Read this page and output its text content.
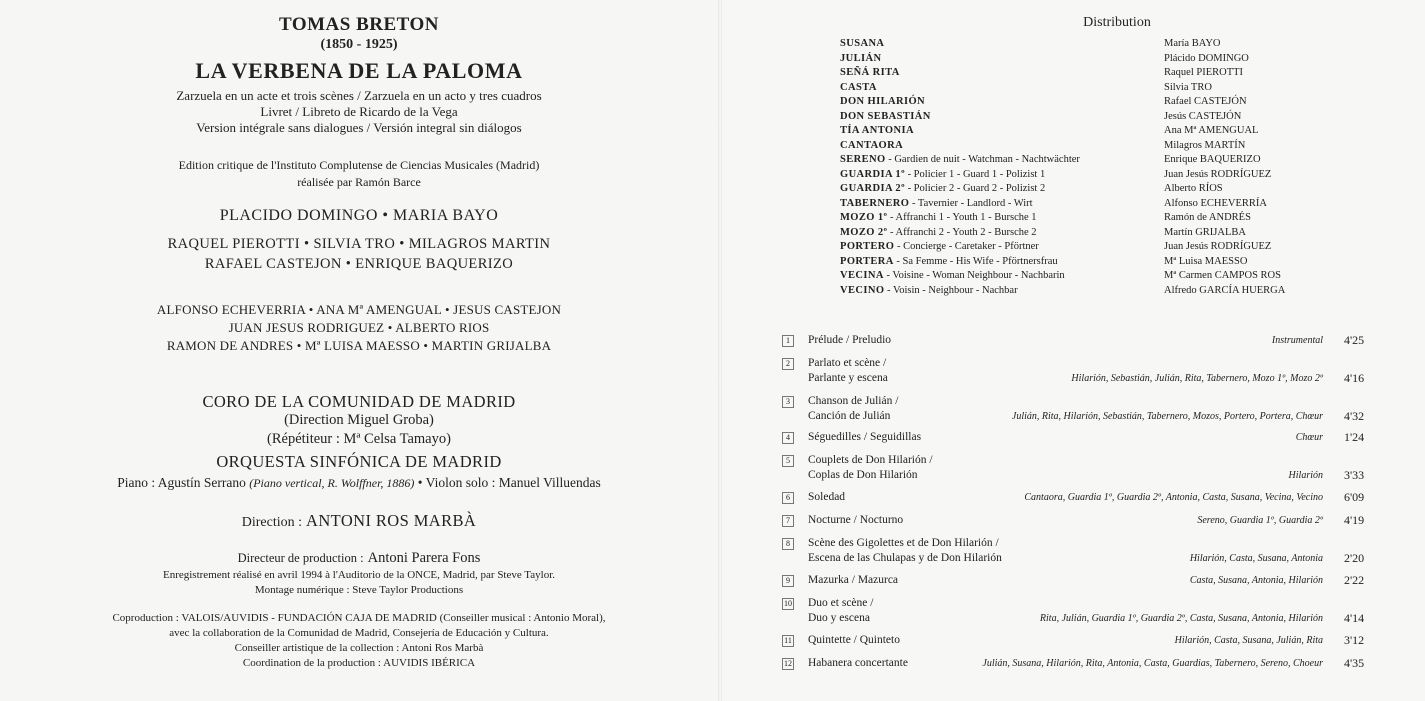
TOMAS BRETON
(1850 - 1925)
LA VERBENA DE LA PALOMA
Zarzuela en un acte et trois scènes / Zarzuela en un acto y tres cuadros
Livret / Libreto de Ricardo de la Vega
Version intégrale sans dialogues / Versión integral sin diálogos
Edition critique de l'Instituto Complutense de Ciencias Musicales (Madrid)
réalisée par Ramón Barce
PLACIDO DOMINGO • MARIA BAYO
RAQUEL PIEROTTI • SILVIA TRO • MILAGROS MARTIN
RAFAEL CASTEJON • ENRIQUE BAQUERIZO
ALFONSO ECHEVERRIA • ANA Mª AMENGUAL • JESUS CASTEJON
JUAN JESUS RODRIGUEZ • ALBERTO RIOS
RAMON DE ANDRES • Mª LUISA MAESSO • MARTIN GRIJALBA
CORO DE LA COMUNIDAD DE MADRID
(Direction Miguel Groba)
(Répétiteur : Mª Celsa Tamayo)
ORQUESTA SINFÓNICA DE MADRID
Piano : Agustín Serrano (Piano vertical, R. Wolffner, 1886) • Violon solo : Manuel Villuendas
Direction : ANTONI ROS MARBÀ
Directeur de production : Antoni Parera Fons
Enregistrement réalisé en avril 1994 à l'Auditorio de la ONCE, Madrid, par Steve Taylor.
Montage numérique : Steve Taylor Productions
Coproduction : VALOIS/AUVIDIS - FUNDACIÓN CAJA DE MADRID (Conseiller musical : Antonio Moral),
avec la collaboration de la Comunidad de Madrid, Consejería de Educación y Cultura.
Conseiller artistique de la collection : Antoni Ros Marbà
Coordination de la production : AUVIDIS IBÉRICA
Distribution
SUSANA	María BAYO
JULIÁN	Plácido DOMINGO
SEÑÁ RITA	Raquel PIEROTTI
CASTA	Silvia TRO
DON HILARIÓN	Rafael CASTEJÓN
DON SEBASTIÁN	Jesús CASTEJÓN
TÍA ANTONIA	Ana Mª AMENGUAL
CANTAORA	Milagros MARTÍN
SERENO - Gardien de nuit - Watchman - Nachtwächter	Enrique BAQUERIZO
GUARDIA 1º - Policier 1 - Guard 1 - Polizist 1	Juan Jesús RODRÍGUEZ
GUARDIA 2º - Policier 2 - Guard 2 - Polizist 2	Alberto RÍOS
TABERNERO - Tavernier - Landlord - Wirt	Alfonso ECHEVERRÍA
MOZO 1º - Affranchi 1 - Youth 1 - Bursche 1	Ramón de ANDRÉS
MOZO 2º - Affranchi 2 - Youth 2 - Bursche 2	Martín GRIJALBA
PORTERO - Concierge - Caretaker - Pförtner	Juan Jesús RODRÍGUEZ
PORTERA - Sa Femme - His Wife - Pförtnersfrau	Mª Luisa MAESSO
VECINA - Voisine - Woman Neighbour - Nachbarin	Mª Carmen CAMPOS ROS
VECINO - Voisin - Neighbour - Nachbar	Alfredo GARCÍA HUERGA
1	Prélude / Preludio	Instrumental 4'25
2	Parlato et scène /
Parlante y escena	Hilarión, Sebastián, Julián, Rita, Tabernero, Mozo 1º, Mozo 2º 4'16
3	Chanson de Julián /
Canción de Julián	Julián, Rita, Hilarión, Sebastián, Tabernero, Mozos, Portero, Portera, Chœur 4'32
4	Séguedilles / Seguidillas	Chœur 1'24
5	Couplets de Don Hilarión /
Coplas de Don Hilarión	Hilarión 3'33
6	Soledad	Cantaora, Guardia 1º, Guardia 2º, Antonia, Casta, Susana, Vecina, Vecino 6'09
7	Nocturne / Nocturno	Sereno, Guardia 1º, Guardia 2º 4'19
8	Scène des Gigolettes et de Don Hilarión /
Escena de las Chulapas y de Don Hilarión	Hilarión, Casta, Susana, Antonia 2'20
9	Mazurka / Mazurca	Casta, Susana, Antonia, Hilarión 2'22
10 Duo et scène /
Duo y escena	Rita, Julián, Guardia 1º, Guardia 2º, Casta, Susana, Antonia, Hilarión 4'14
11 Quintette / Quinteto	Hilarión, Casta, Susana, Julián, Rita 3'12
12 Habanera concertante	Julián, Susana, Hilarión, Rita, Antonia, Casta, Guardias, Tabernero, Sereno, Choeur 4'35
